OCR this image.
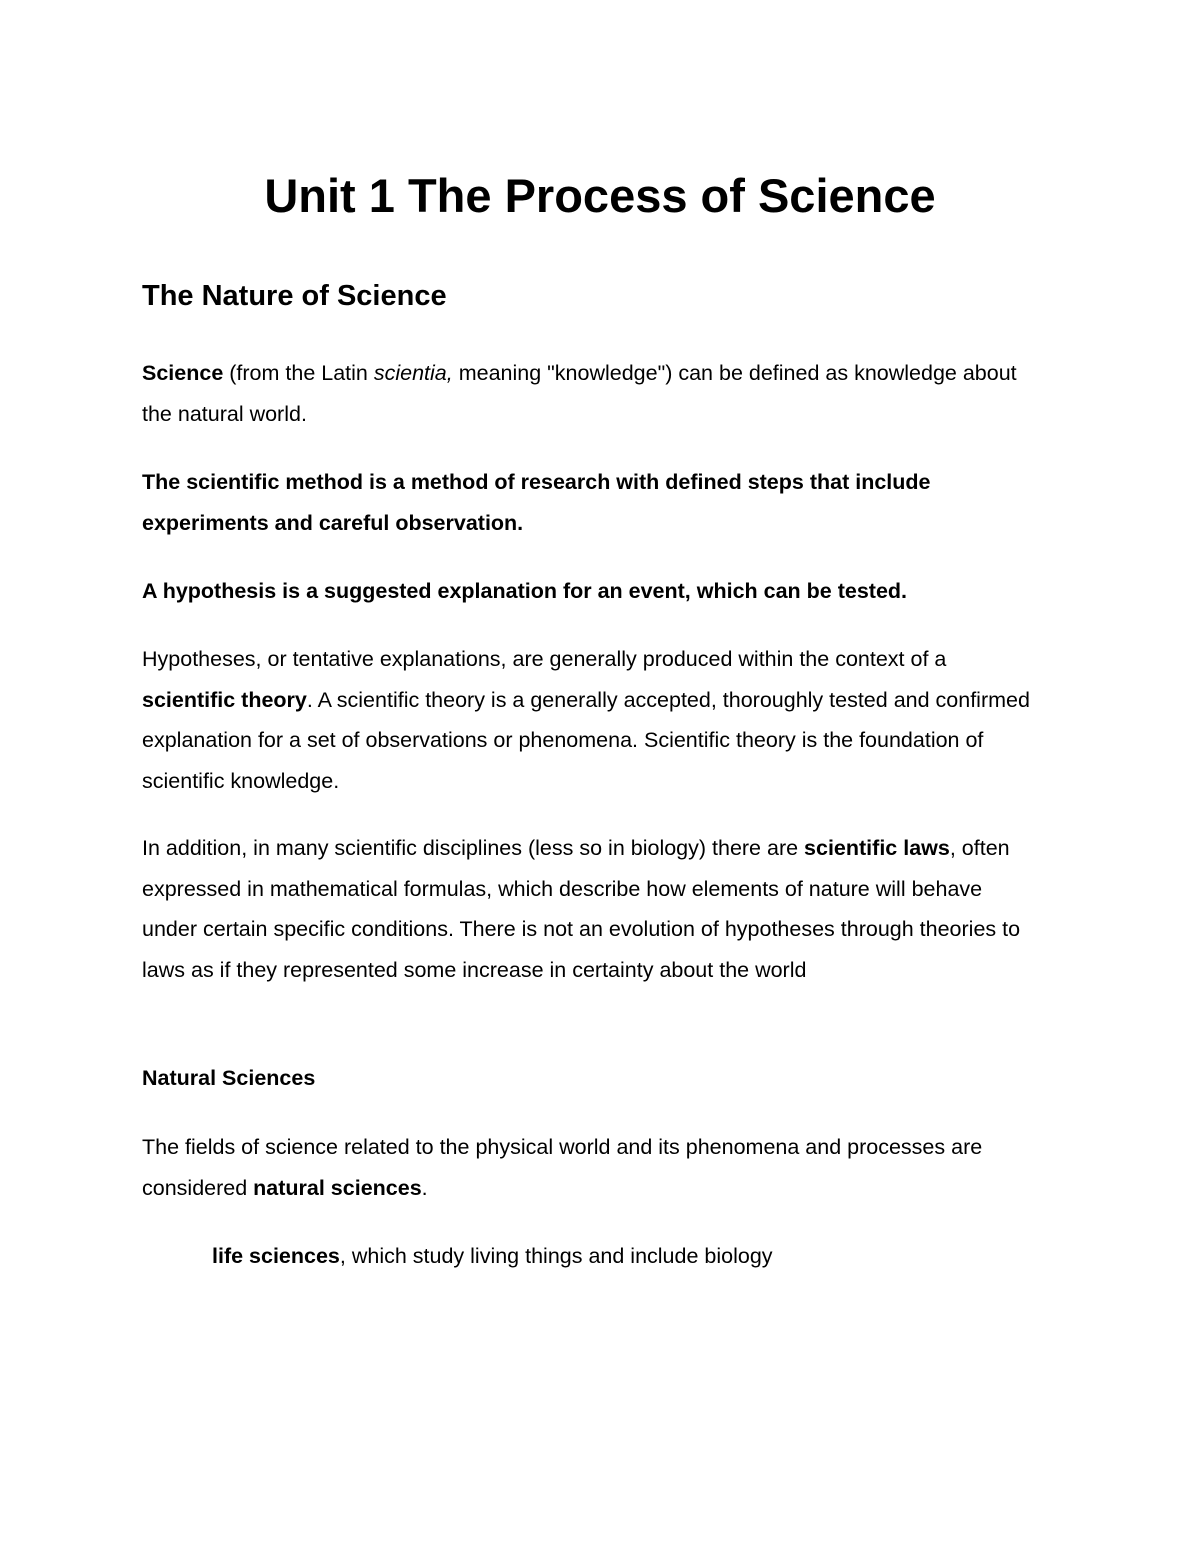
Unit 1 The Process of Science
The Nature of Science

Science (from the Latin scientia, meaning "knowledge") can be defined as knowledge about the natural world.

The scientific method is a method of research with defined steps that include experiments and careful observation.

A hypothesis is a suggested explanation for an event, which can be tested.

Hypotheses, or tentative explanations, are generally produced within the context of a scientific theory. A scientific theory is a generally accepted, thoroughly tested and confirmed explanation for a set of observations or phenomena. Scientific theory is the foundation of scientific knowledge.

In addition, in many scientific disciplines (less so in biology) there are scientific laws, often expressed in mathematical formulas, which describe how elements of nature will behave under certain specific conditions. There is not an evolution of hypotheses through theories to laws as if they represented some increase in certainty about the world

Natural Sciences

The fields of science related to the physical world and its phenomena and processes are considered natural sciences.

life sciences, which study living things and include biology
